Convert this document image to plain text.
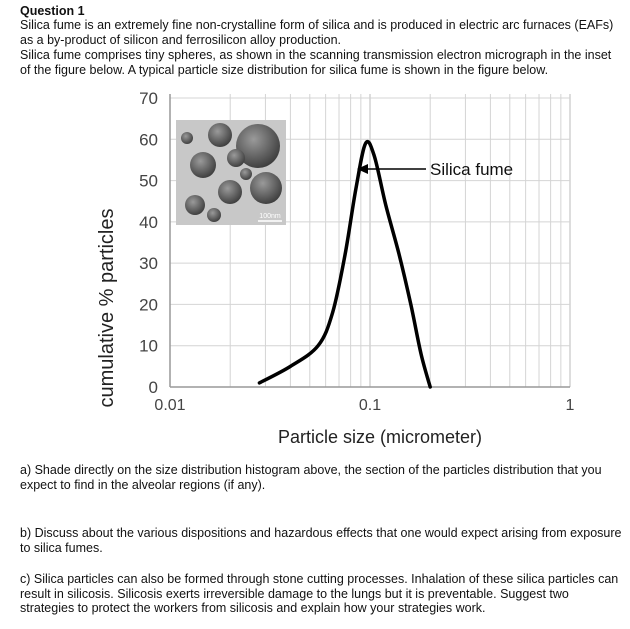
Question 1
Silica fume is an extremely fine non-crystalline form of silica and is produced in electric arc furnaces (EAFs) as a by-product of silicon and ferrosilicon alloy production.
Silica fume comprises tiny spheres, as shown in the scanning transmission electron micrograph in the inset of the figure below. A typical particle size distribution for silica fume is shown in the figure below.
0
10
20
30
40
50
60
70
0.01	0.1	1
cumulative % particles
Particle size (micrometer)
100nm
Silica fume
a) Shade directly on the size distribution histogram above, the section of the particles distribution that you expect to find in the alveolar regions (if any).
b) Discuss about the various dispositions and hazardous effects that one would expect arising from exposure to silica fumes.
c) Silica particles can also be formed through stone cutting processes. Inhalation of these silica particles can result in silicosis. Silicosis exerts irreversible damage to the lungs but it is preventable. Suggest two strategies to protect the workers from silicosis and explain how your strategies work.
